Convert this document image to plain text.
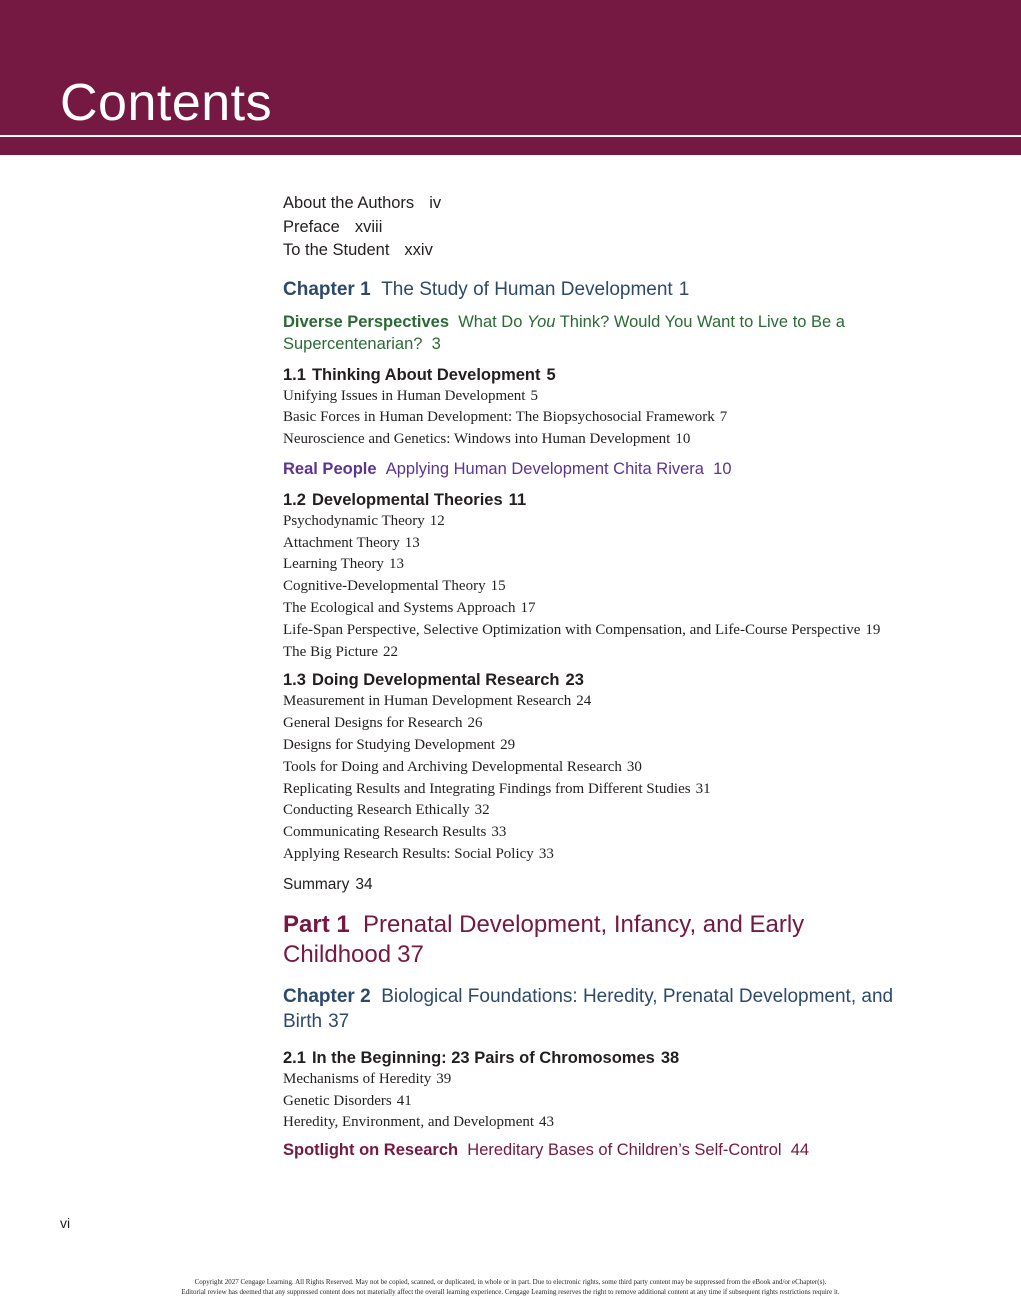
Contents
About the Authors iv
Preface xviii
To the Student xxiv
Chapter 1 The Study of Human Development 1
Diverse Perspectives What Do You Think? Would You Want to Live to Be a Supercentenarian? 3
1.1 Thinking About Development 5
Unifying Issues in Human Development 5
Basic Forces in Human Development: The Biopsychosocial Framework 7
Neuroscience and Genetics: Windows into Human Development 10
Real People Applying Human Development Chita Rivera 10
1.2 Developmental Theories 11
Psychodynamic Theory 12
Attachment Theory 13
Learning Theory 13
Cognitive-Developmental Theory 15
The Ecological and Systems Approach 17
Life-Span Perspective, Selective Optimization with Compensation, and Life-Course Perspective 19
The Big Picture 22
1.3 Doing Developmental Research 23
Measurement in Human Development Research 24
General Designs for Research 26
Designs for Studying Development 29
Tools for Doing and Archiving Developmental Research 30
Replicating Results and Integrating Findings from Different Studies 31
Conducting Research Ethically 32
Communicating Research Results 33
Applying Research Results: Social Policy 33
Summary 34
Part 1 Prenatal Development, Infancy, and Early Childhood 37
Chapter 2 Biological Foundations: Heredity, Prenatal Development, and Birth 37
2.1 In the Beginning: 23 Pairs of Chromosomes 38
Mechanisms of Heredity 39
Genetic Disorders 41
Heredity, Environment, and Development 43
Spotlight on Research Hereditary Bases of Children’s Self-Control 44
vi
Copyright 2027 Cengage Learning. All Rights Reserved. May not be copied, scanned, or duplicated, in whole or in part. Due to electronic rights, some third party content may be suppressed from the eBook and/or eChapter(s).
Editorial review has deemed that any suppressed content does not materially affect the overall learning experience. Cengage Learning reserves the right to remove additional content at any time if subsequent rights restrictions require it.
